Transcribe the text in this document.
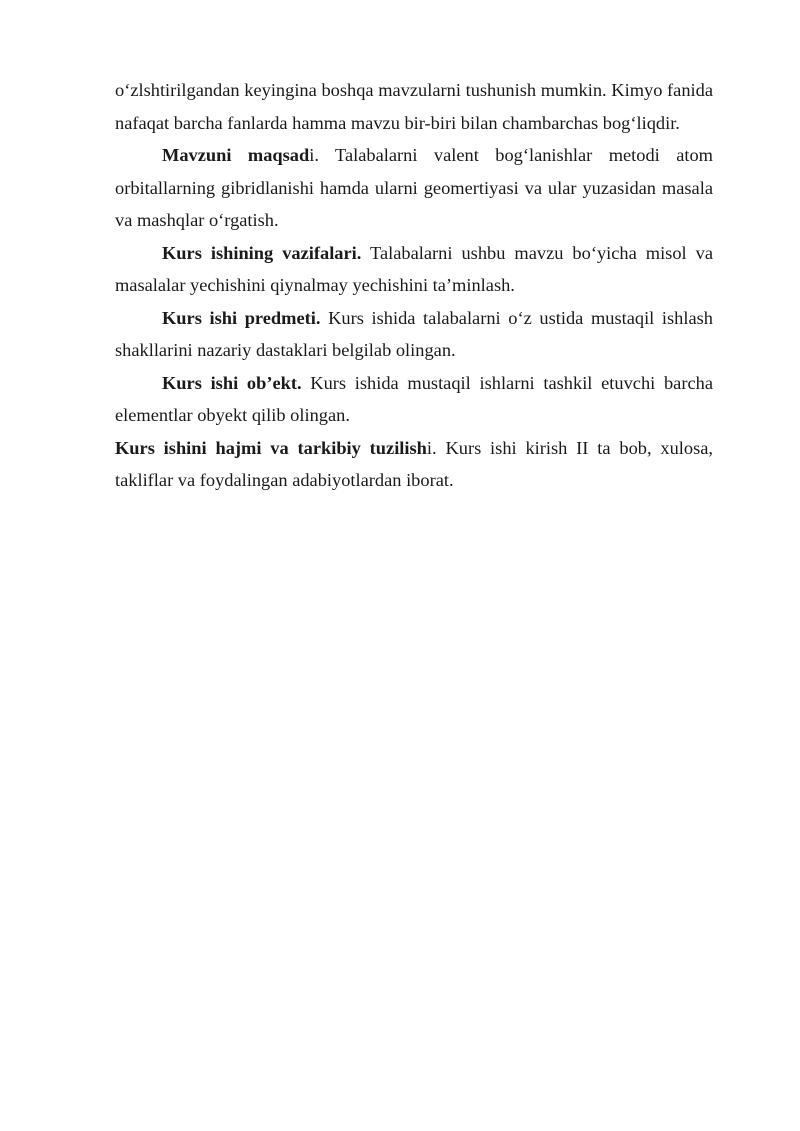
o‘zlshtirilgandan keyingina boshqa mavzularni tushunish mumkin. Kimyo fanida nafaqat barcha fanlarda hamma mavzu bir-biri bilan chambarchas bog‘liqdir.

Mavzuni maqsadi. Talabalarni valent bog‘lanishlar metodi atom orbitallarning gibridlanishi hamda ularni geomertiyasi va ular yuzasidan masala va mashqlar o‘rgatish.

Kurs ishining vazifalari. Talabalarni ushbu mavzu bo‘yicha misol va masalalar yechishini qiynalmay yechishini ta’minlash.

Kurs ishi predmeti. Kurs ishida talabalarni o‘z ustida mustaqil ishlash shakllarini nazariy dastaklari belgilab olingan.

Kurs ishi ob’ekt. Kurs ishida mustaqil ishlarni tashkil etuvchi barcha elementlar obyekt qilib olingan.

Kurs ishini hajmi va tarkibiy tuzilishi. Kurs ishi kirish II ta bob, xulosa, takliflar va foydalingan adabiyotlardan iborat.
